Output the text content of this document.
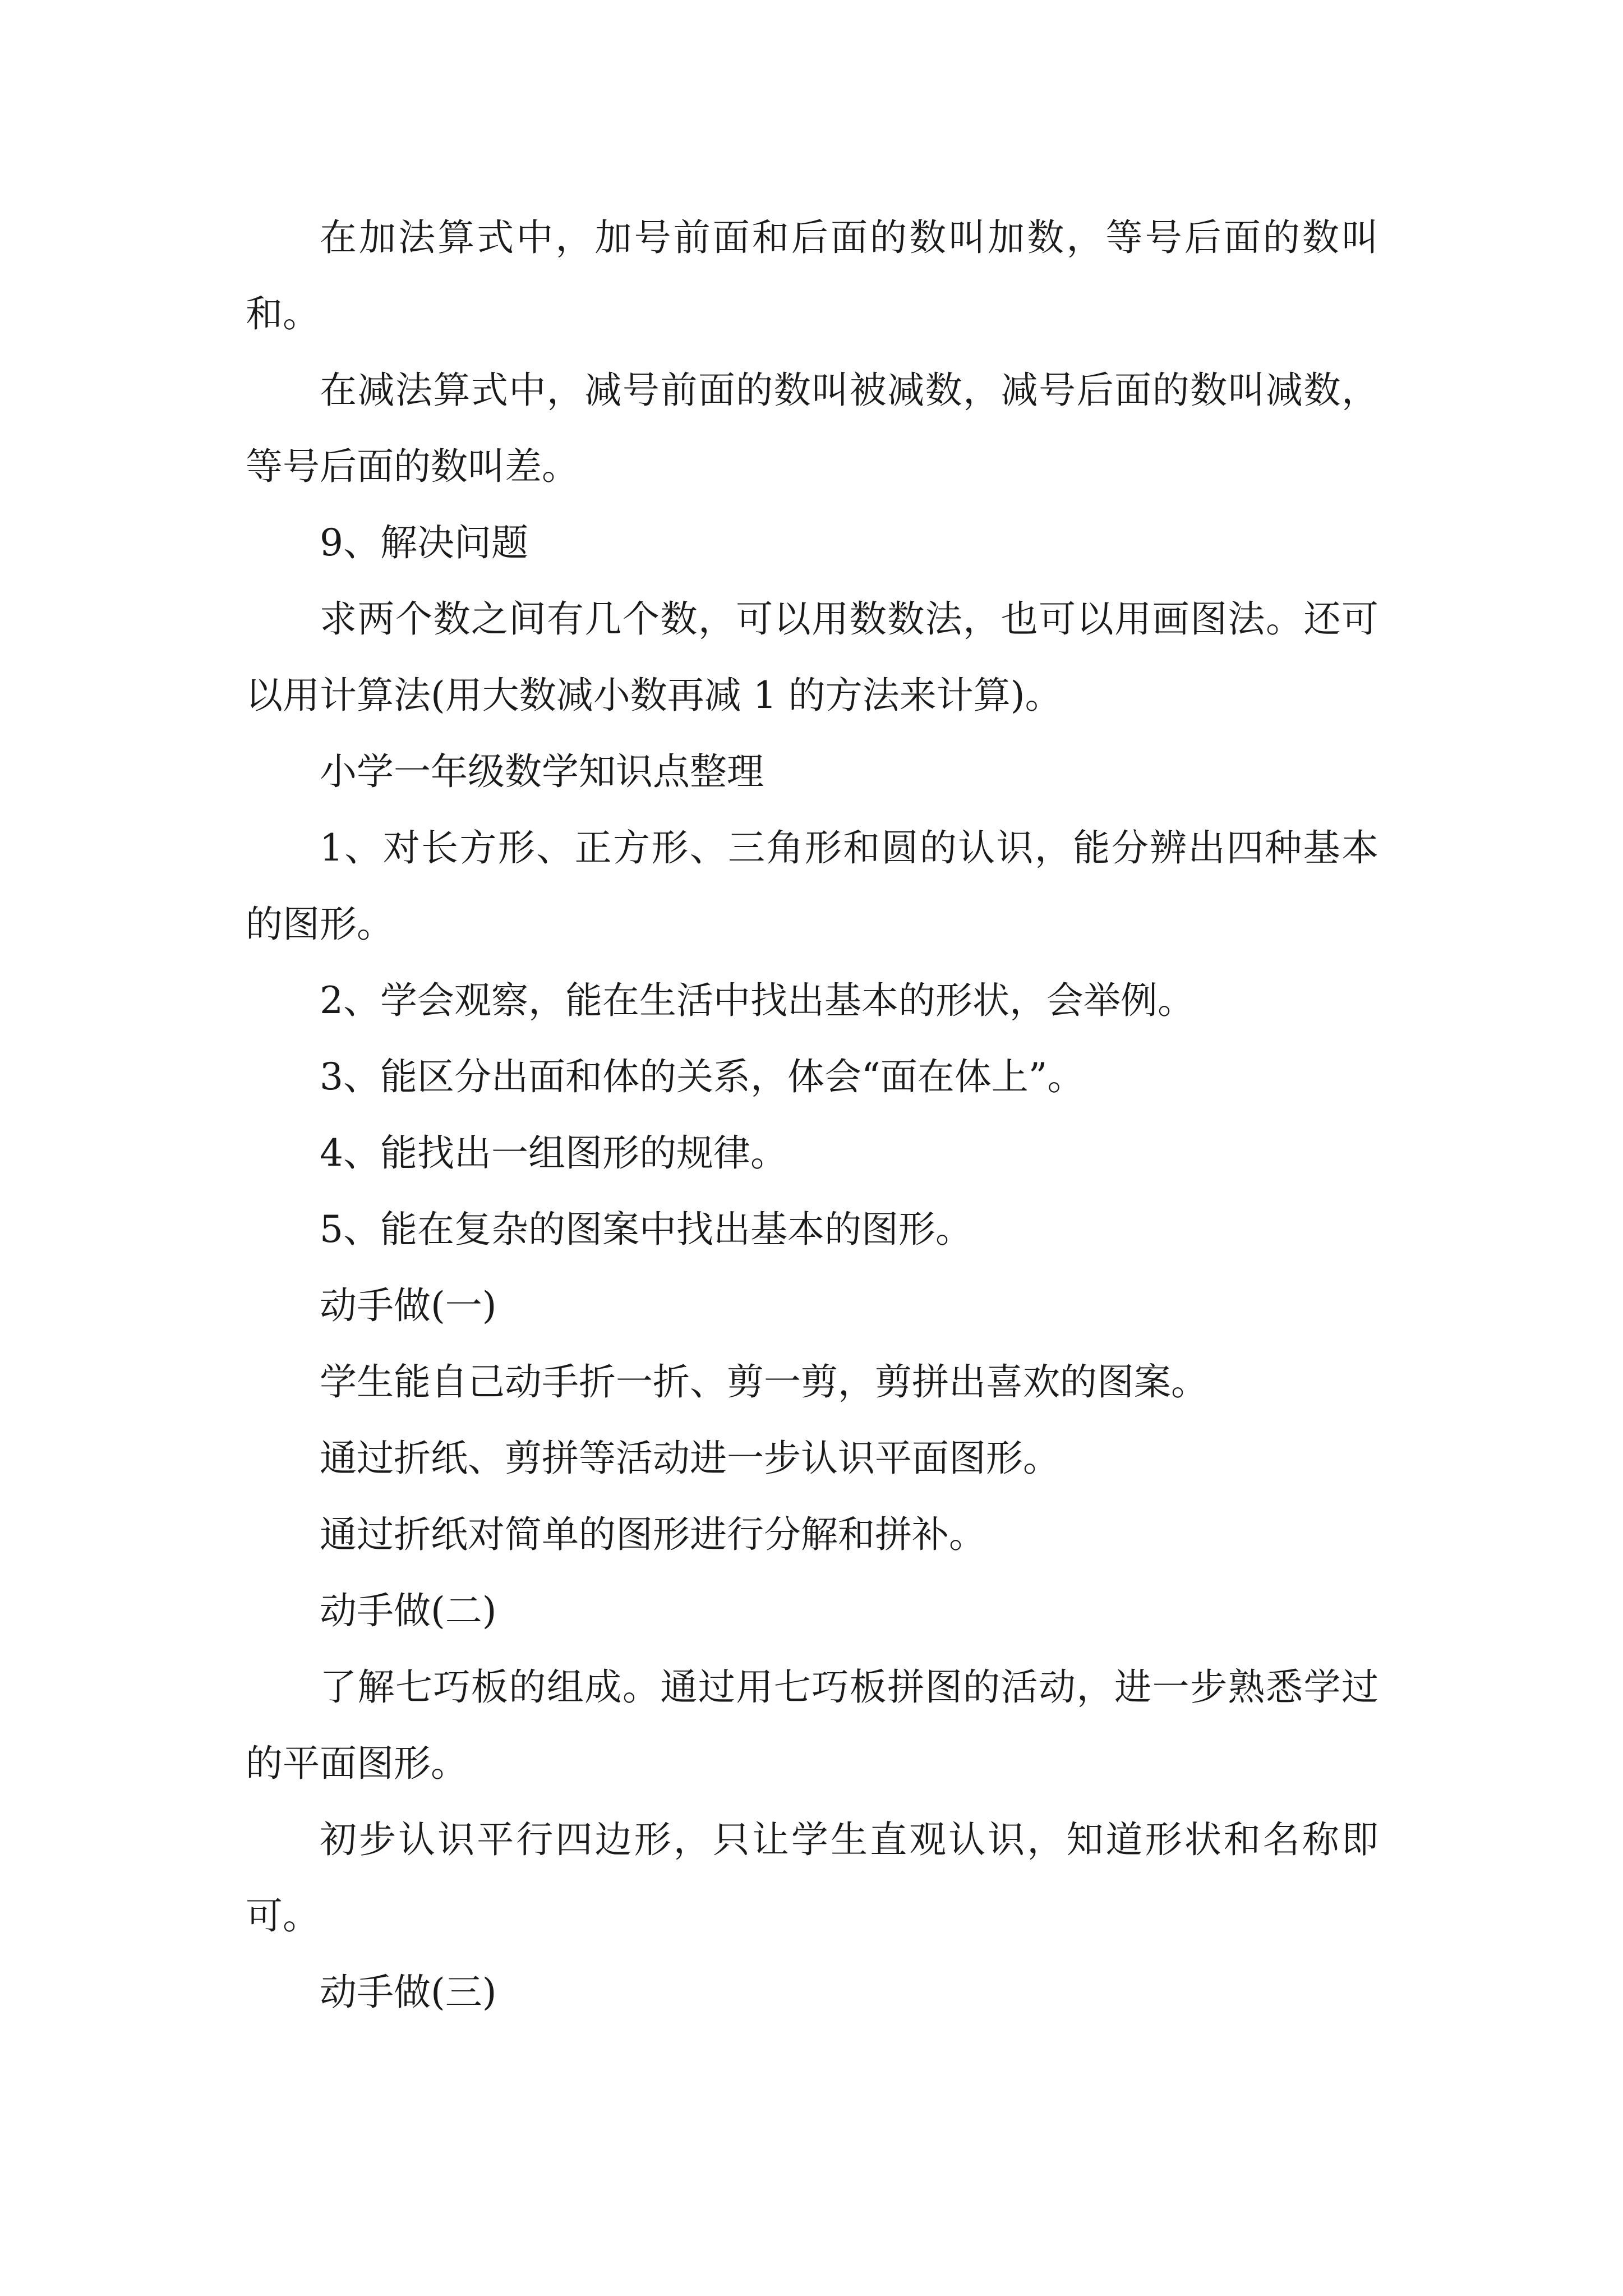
在加法算式中，加号前面和后面的数叫加数，等号后面的数叫和。

在减法算式中，减号前面的数叫被减数，减号后面的数叫减数，等号后面的数叫差。

9、解决问题

求两个数之间有几个数，可以用数数法，也可以用画图法。还可以用计算法(用大数减小数再减 1 的方法来计算)。

小学一年级数学知识点整理

1、对长方形、正方形、三角形和圆的认识，能分辨出四种基本的图形。

2、学会观察，能在生活中找出基本的形状，会举例。

3、能区分出面和体的关系，体会“面在体上”。

4、能找出一组图形的规律。

5、能在复杂的图案中找出基本的图形。

动手做(一)

学生能自己动手折一折、剪一剪，剪拼出喜欢的图案。

通过折纸、剪拼等活动进一步认识平面图形。

通过折纸对简单的图形进行分解和拼补。

动手做(二)

了解七巧板的组成。通过用七巧板拼图的活动，进一步熟悉学过的平面图形。

初步认识平行四边形，只让学生直观认识，知道形状和名称即可。

动手做(三)
